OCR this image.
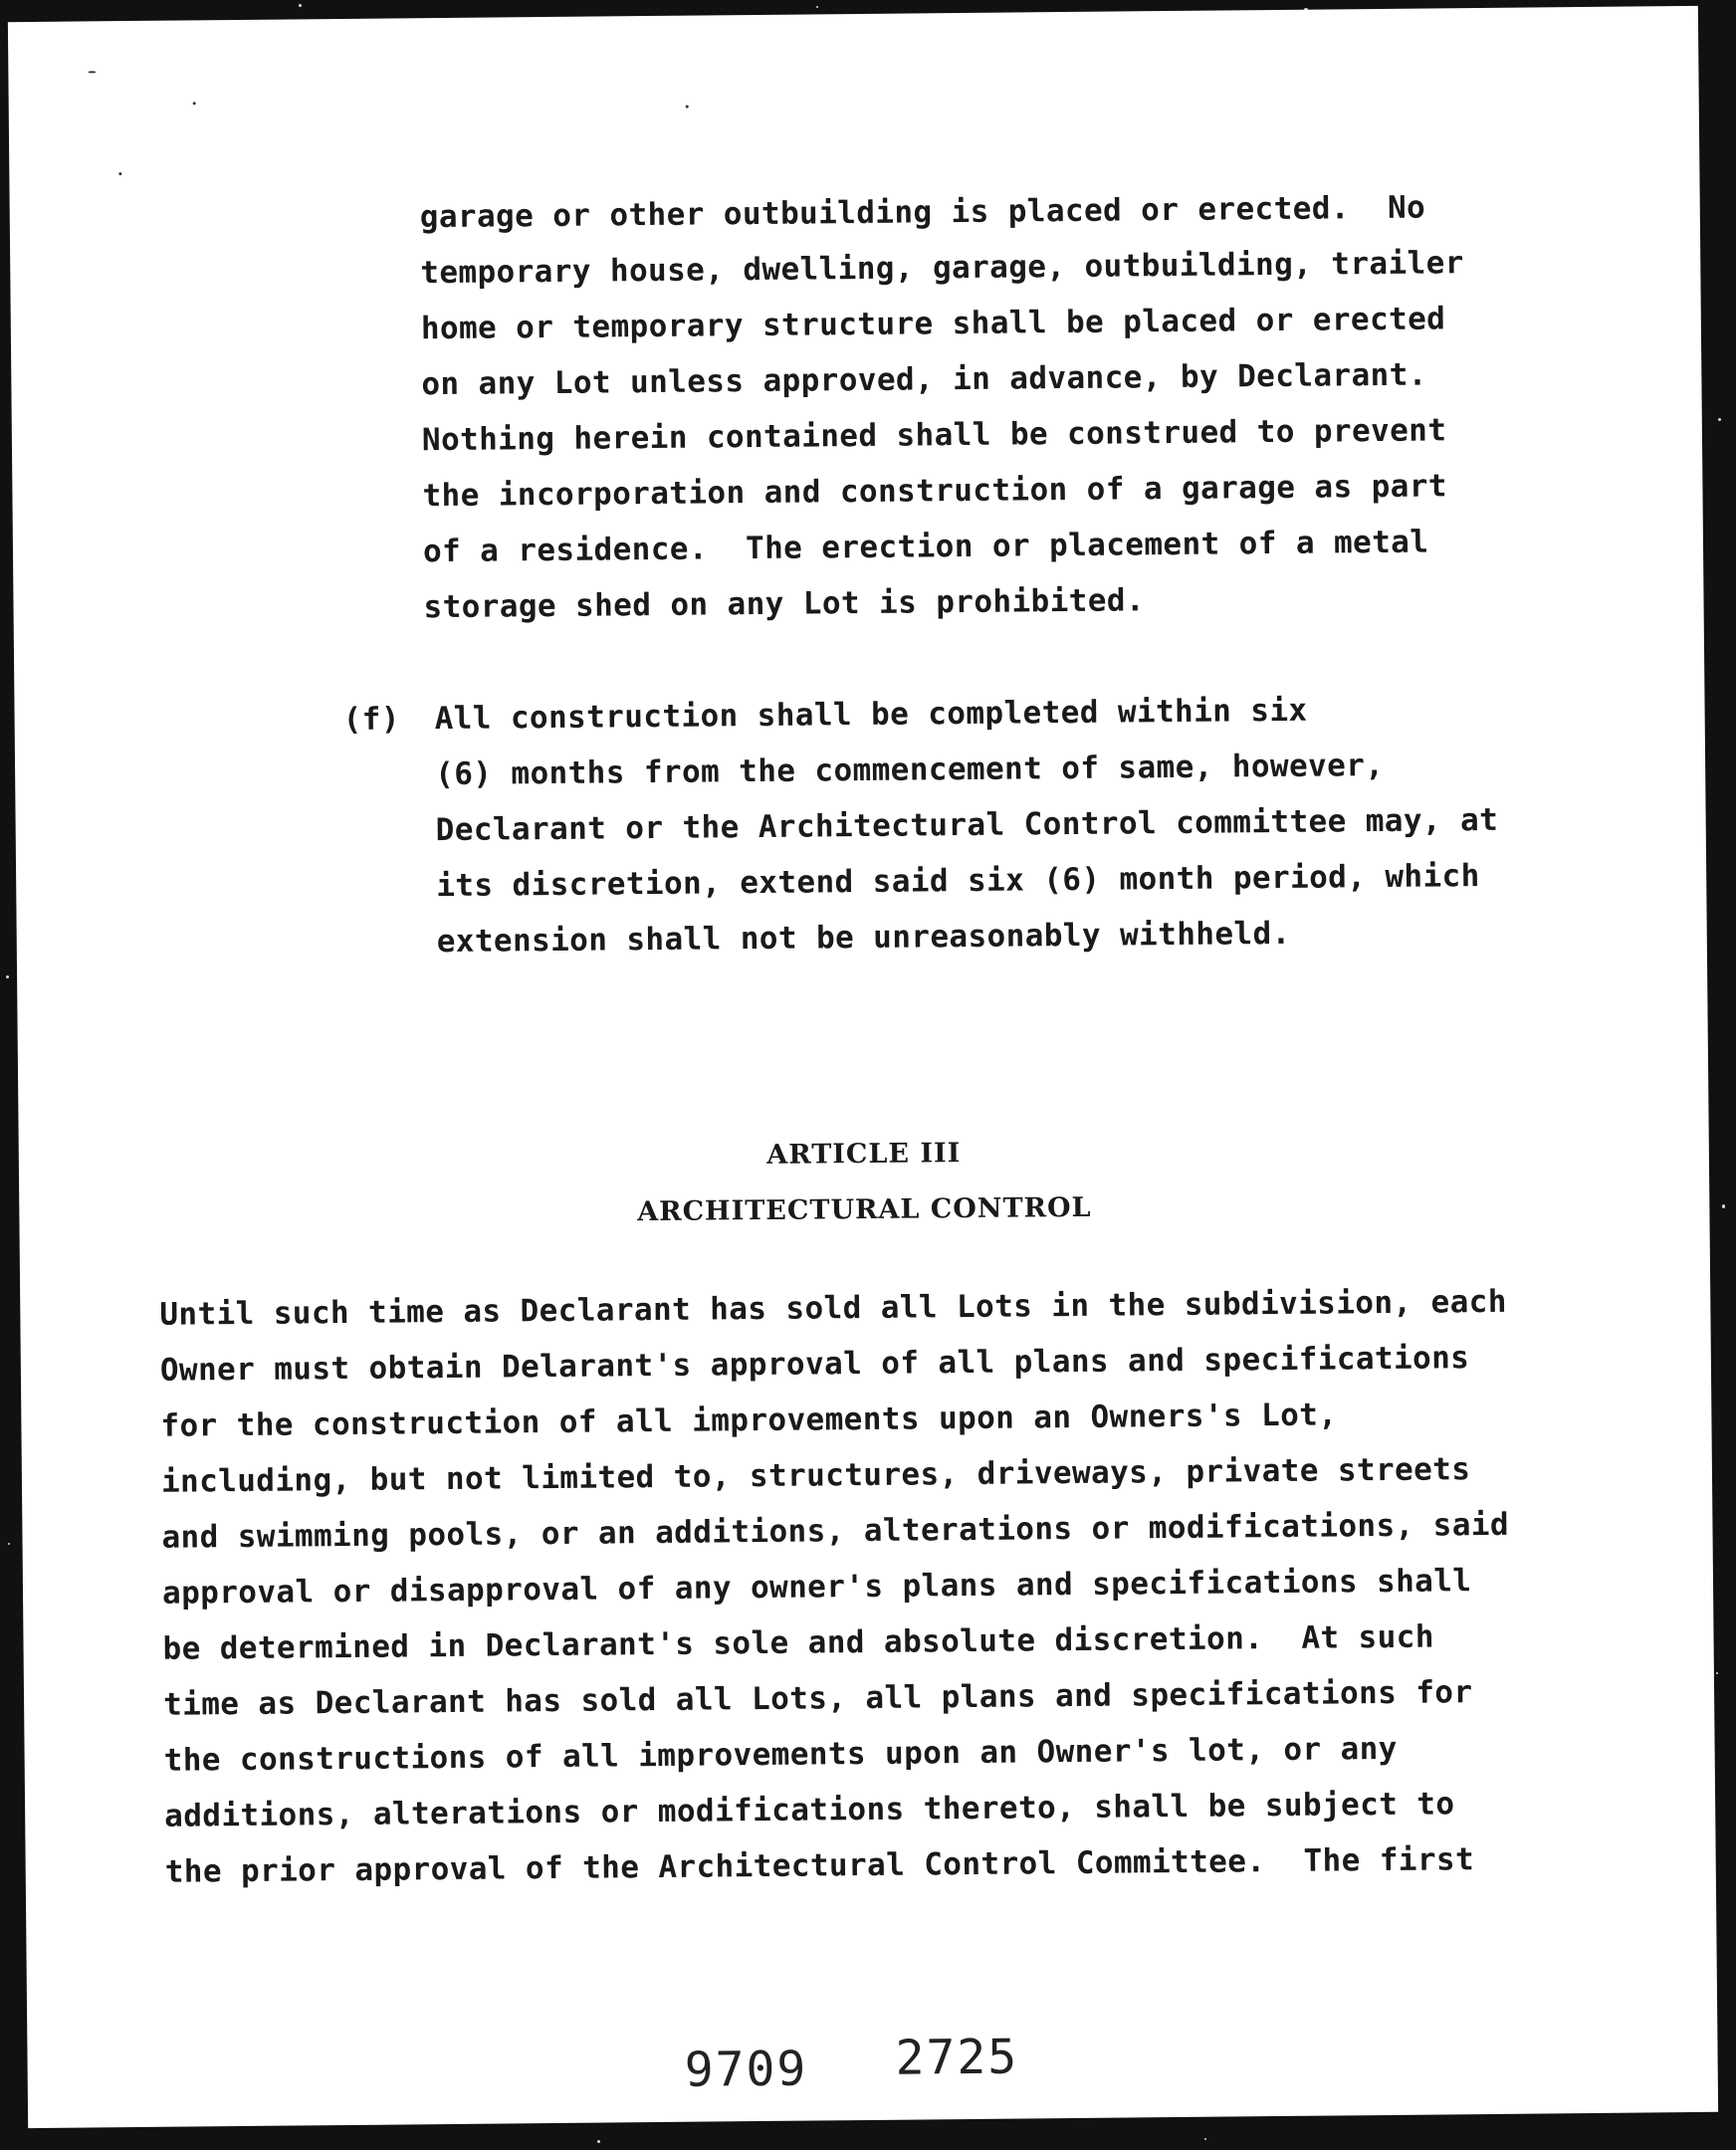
garage or other outbuilding is placed or erected.  No

temporary house, dwelling, garage, outbuilding, trailer

home or temporary structure shall be placed or erected

on any Lot unless approved, in advance, by Declarant.

Nothing herein contained shall be construed to prevent

the incorporation and construction of a garage as part

of a residence.  The erection or placement of a metal

storage shed on any Lot is prohibited.

(f) All construction shall be completed within six

(6) months from the commencement of same, however,

Declarant or the Architectural Control committee may, at

its discretion, extend said six (6) month period, which

extension shall not be unreasonably withheld.

ARTICLE III
ARCHITECTURAL CONTROL

Until such time as Declarant has sold all Lots in the subdivision, each

Owner must obtain Delarant's approval of all plans and specifications

for the construction of all improvements upon an Owners's Lot,

including, but not limited to, structures, driveways, private streets

and swimming pools, or an additions, alterations or modifications, said

approval or disapproval of any owner's plans and specifications shall

be determined in Declarant's sole and absolute discretion.  At such

time as Declarant has sold all Lots, all plans and specifications for

the constructions of all improvements upon an Owner's lot, or any

additions, alterations or modifications thereto, shall be subject to

the prior approval of the Architectural Control Committee.  The first

9709 2725
